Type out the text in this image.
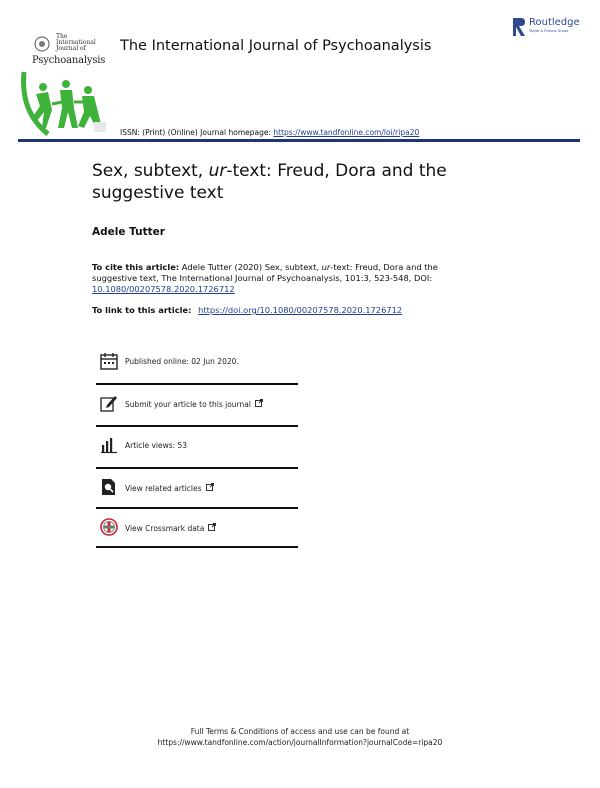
The
International
Journal of
Psychoanalysis
The International Journal of Psychoanalysis
Routledge
Taylor & Francis Group
ISSN: (Print) (Online) Journal homepage: https://www.tandfonline.com/loi/ripa20
Sex, subtext, ur-text: Freud, Dora and the suggestive text
Adele Tutter
To cite this article: Adele Tutter (2020) Sex, subtext, ur-text: Freud, Dora and the suggestive text, The International Journal of Psychoanalysis, 101:3, 523-548, DOI:
10.1080/00207578.2020.1726712
To link to this article: https://doi.org/10.1080/00207578.2020.1726712
Published online: 02 Jun 2020.
Submit your article to this journal
Article views: 53
View related articles
View Crossmark data
Full Terms & Conditions of access and use can be found at
https://www.tandfonline.com/action/journalInformation?journalCode=ripa20
